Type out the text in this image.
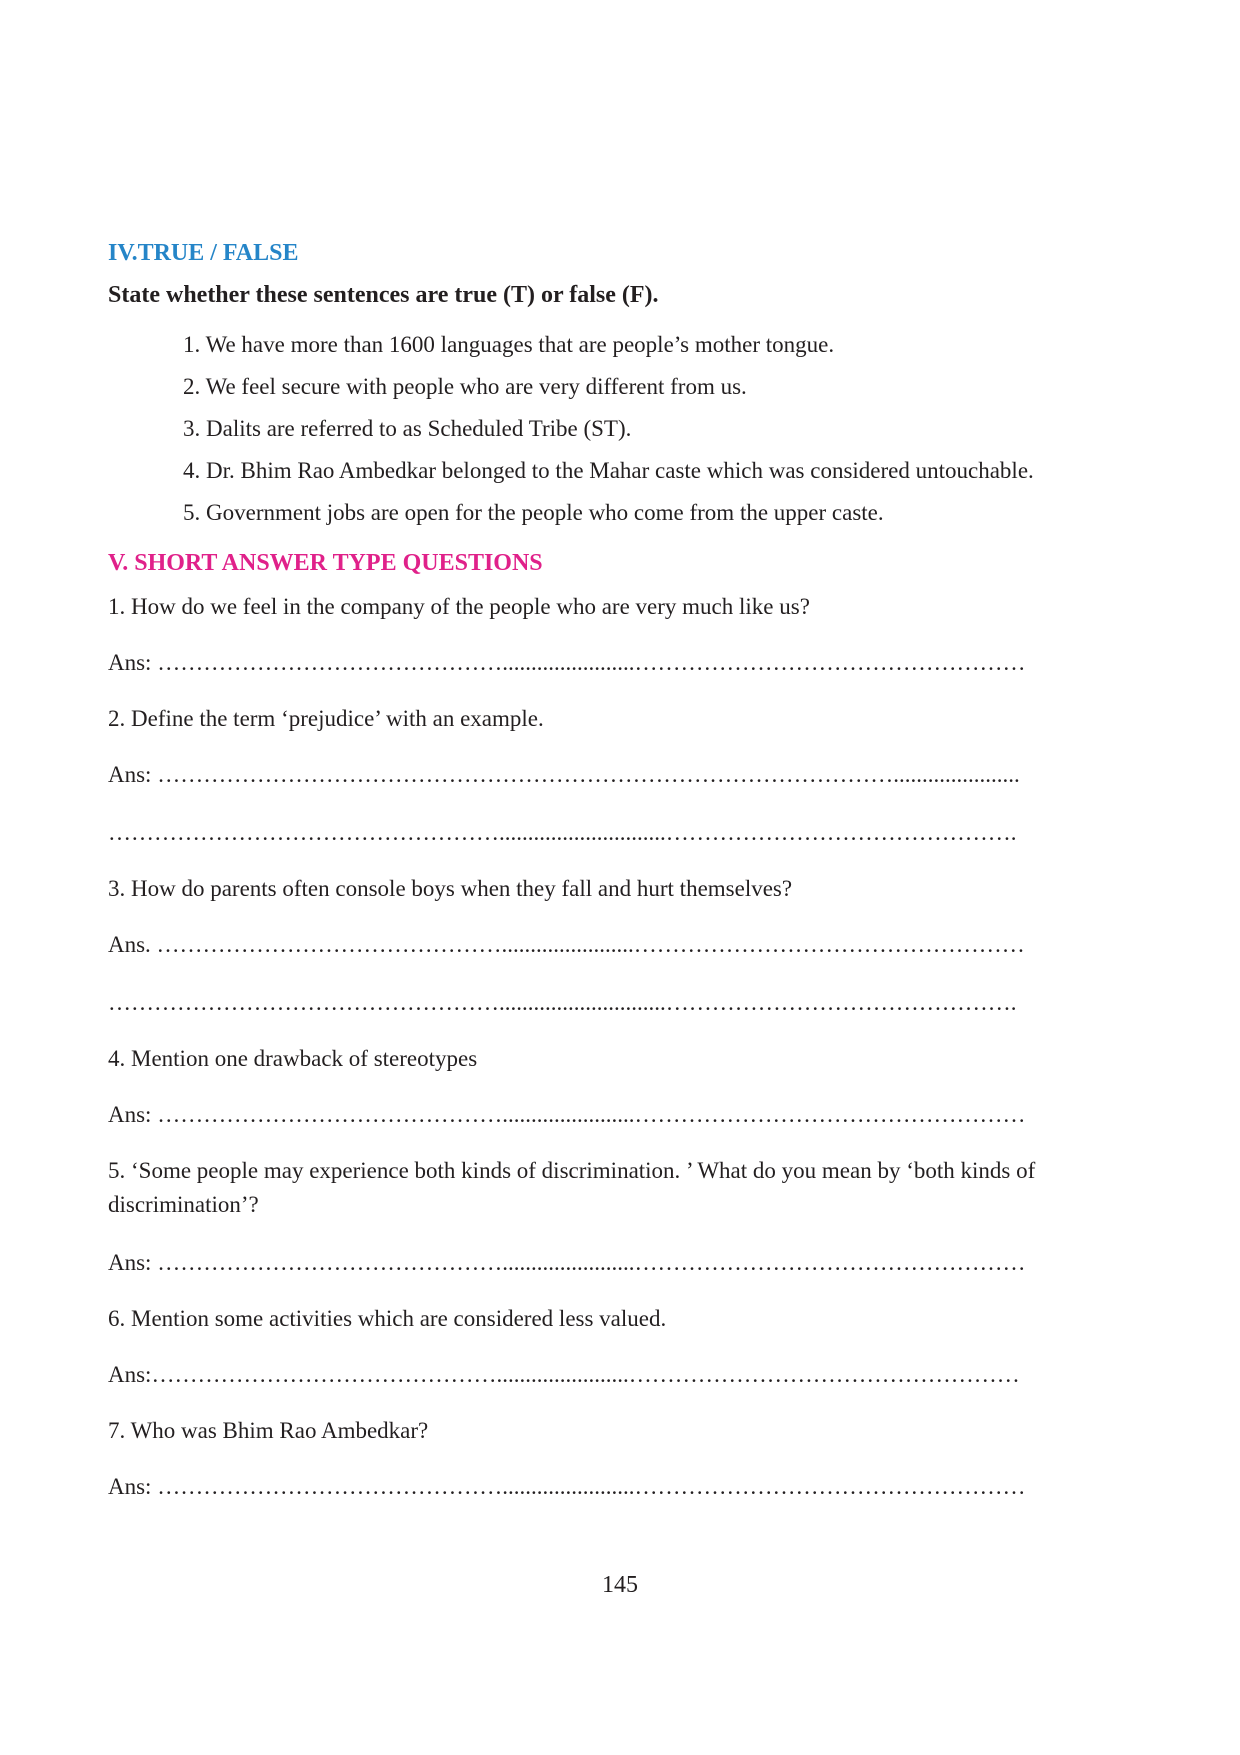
IV.TRUE / FALSE
State whether these sentences are true (T) or false (F).
1. We have more than 1600 languages that are people’s mother tongue.
2. We feel secure with people who are very different from us.
3. Dalits are referred to as Scheduled Tribe (ST).
4. Dr. Bhim Rao Ambedkar belonged to the Mahar caste which was considered untouchable.
5. Government jobs are open for the people who come from the upper caste.
V. SHORT ANSWER TYPE QUESTIONS
1. How do we feel in the company of the people who are very much like us?
Ans: ……………………………………….......................……………………………………………
2. Define the term ‘prejudice’ with an example.
Ans: ……………………………………………………………………………………......................
…………………………………………….............................……………………………………….
3. How do parents often console boys when they fall and hurt themselves?
Ans. ……………………………………….......................……………………………………………
…………………………………………….............................……………………………………….
4. Mention one drawback of stereotypes
Ans: ……………………………………….......................……………………………………………
5. ‘Some people may experience both kinds of discrimination. ’ What do you mean by ‘both kinds of discrimination’?
Ans: ……………………………………….......................……………………………………………
6. Mention some activities which are considered less valued.
Ans:……………………………………….......................……………………………………………
7. Who was Bhim Rao Ambedkar?
Ans: ……………………………………….......................……………………………………………
145
